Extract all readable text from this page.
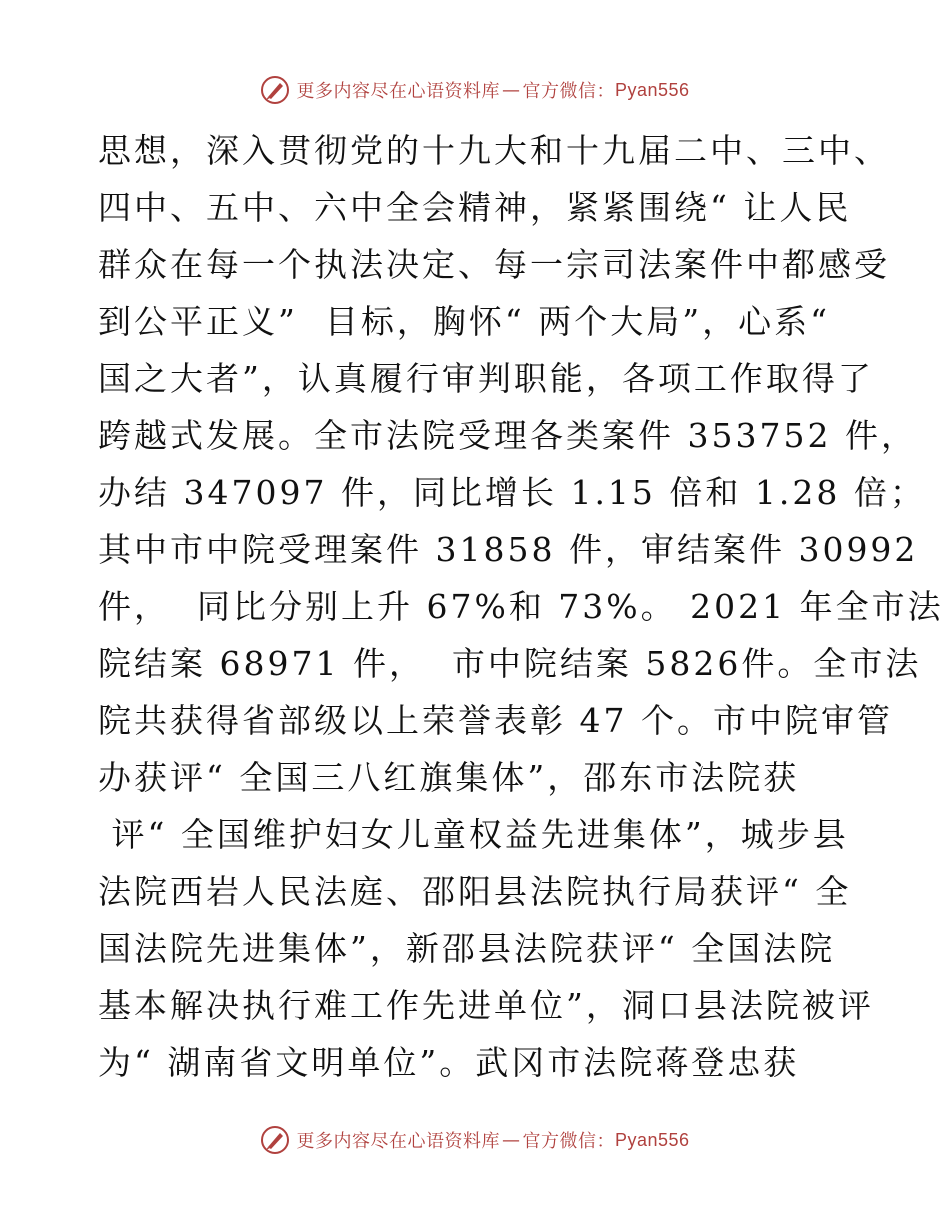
更多内容尽在心语资料库 — 官方微信： Pyan556
思想，深入贯彻党的十九大和十九届二中、三中、
四中、五中、六中全会精神，紧紧围绕“ 让人民
群众在每一个执法决定、每一宗司法案件中都感受
到公平正义”  目标，胸怀“ 两个大局”，心系“
国之大者”，认真履行审判职能，各项工作取得了
跨越式发展。全市法院受理各类案件 353752 件，
办结 347097 件，同比增长 1.15 倍和 1.28 倍；
其中市中院受理案件 31858 件，审结案件 30992
件，  同比分别上升 67%和 73%。 2021 年全市法
院结案 68971 件，  市中院结案 5826件。全市法
院共获得省部级以上荣誉表彰 47 个。市中院审管
办获评“ 全国三八红旗集体”，邵东市法院获
评“ 全国维护妇女儿童权益先进集体”，城步县
法院西岩人民法庭、邵阳县法院执行局获评“ 全
国法院先进集体”，新邵县法院获评“ 全国法院
基本解决执行难工作先进单位”，洞口县法院被评
为“ 湖南省文明单位”。武冈市法院蒋登忠获
更多内容尽在心语资料库 — 官方微信： Pyan556
